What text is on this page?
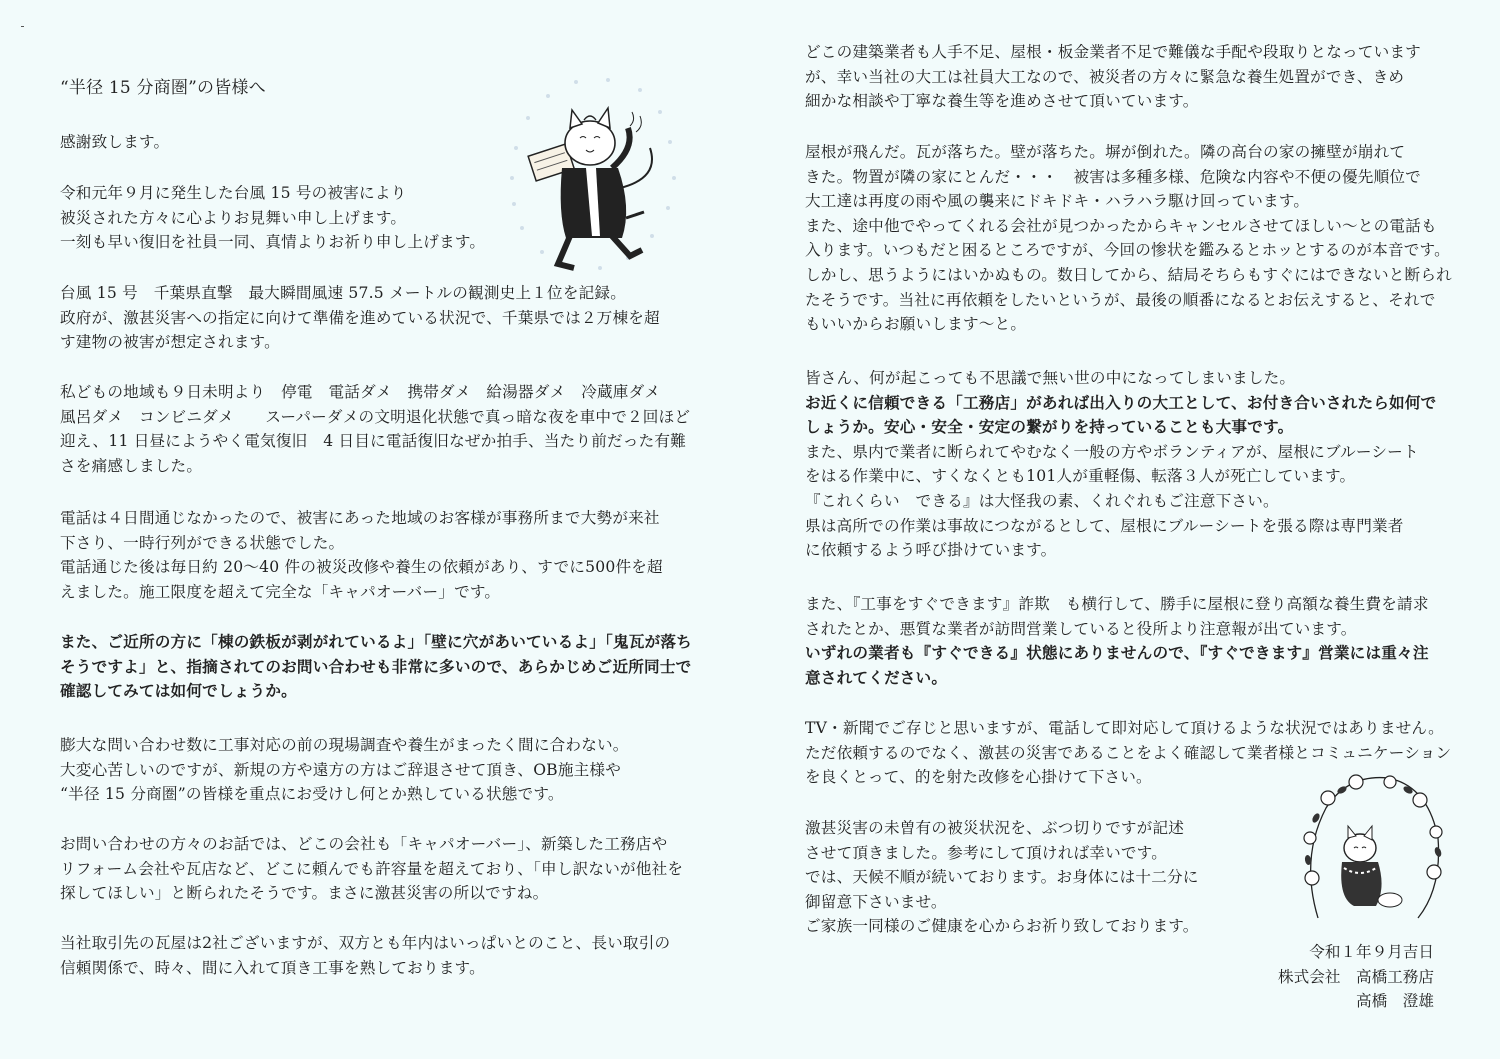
“半径 15 分商圏”の皆様へ
感謝致します。
令和元年９月に発生した台風 15 号の被害により
被災された方々に心よりお見舞い申し上げます。
一刻も早い復旧を社員一同、真情よりお祈り申し上げます。
台風 15 号　千葉県直撃　最大瞬間風速 57.5 メートルの観測史上１位を記録。
政府が、激甚災害への指定に向けて準備を進めている状況で、千葉県では２万棟を超
す建物の被害が想定されます。
私どもの地域も９日未明より　停電　電話ダメ　携帯ダメ　給湯器ダメ　冷蔵庫ダメ
風呂ダメ　コンビニダメ　　スーパーダメの文明退化状態で真っ暗な夜を車中で２回ほど
迎え、11 日昼にようやく電気復旧　4 日目に電話復旧なぜか拍手、当たり前だった有難
さを痛感しました。
電話は４日間通じなかったので、被害にあった地域のお客様が事務所まで大勢が来社
下さり、一時行列ができる状態でした。
電話通じた後は毎日約 20～40 件の被災改修や養生の依頼があり、すでに500件を超
えました。施工限度を超えて完全な「キャパオーバー」です。
また、ご近所の方に「棟の鉄板が剥がれているよ」「壁に穴があいているよ」「鬼瓦が落ち
そうですよ」と、指摘されてのお問い合わせも非常に多いので、あらかじめご近所同士で
確認してみては如何でしょうか。
膨大な問い合わせ数に工事対応の前の現場調査や養生がまったく間に合わない。
大変心苦しいのですが、新規の方や遠方の方はご辞退させて頂き、OB施主様や
“半径 15 分商圏”の皆様を重点にお受けし何とか熟している状態です。
お問い合わせの方々のお話では、どこの会社も「キャパオーバー」、新築した工務店や
リフォーム会社や瓦店など、どこに頼んでも許容量を超えており、「申し訳ないが他社を
探してほしい」と断られたそうです。まさに激甚災害の所以ですね。
当社取引先の瓦屋は2社ございますが、双方とも年内はいっぱいとのこと、長い取引の
信頼関係で、時々、間に入れて頂き工事を熟しております。
どこの建築業者も人手不足、屋根・板金業者不足で難儀な手配や段取りとなっています
が、幸い当社の大工は社員大工なので、被災者の方々に緊急な養生処置ができ、きめ
細かな相談や丁寧な養生等を進めさせて頂いています。
屋根が飛んだ。瓦が落ちた。壁が落ちた。塀が倒れた。隣の高台の家の擁壁が崩れて
きた。物置が隣の家にとんだ・・・　被害は多種多様、危険な内容や不便の優先順位で
大工達は再度の雨や風の襲来にドキドキ・ハラハラ駆け回っています。
また、途中他でやってくれる会社が見つかったからキャンセルさせてほしい～との電話も
入ります。いつもだと困るところですが、今回の惨状を鑑みるとホッとするのが本音です。
しかし、思うようにはいかぬもの。数日してから、結局そちらもすぐにはできないと断られ
たそうです。当社に再依頼をしたいというが、最後の順番になるとお伝えすると、それで
もいいからお願いします～と。
皆さん、何が起こっても不思議で無い世の中になってしまいました。
お近くに信頼できる「工務店」があれば出入りの大工として、お付き合いされたら如何で
しょうか。安心・安全・安定の繋がりを持っていることも大事です。
また、県内で業者に断られてやむなく一般の方やボランティアが、屋根にブルーシート
をはる作業中に、すくなくとも101人が重軽傷、転落３人が死亡しています。
『これくらい　できる』は大怪我の素、くれぐれもご注意下さい。
県は高所での作業は事故につながるとして、屋根にブルーシートを張る際は専門業者
に依頼するよう呼び掛けています。
また、『工事をすぐできます』詐欺　も横行して、勝手に屋根に登り高額な養生費を請求
されたとか、悪質な業者が訪問営業していると役所より注意報が出ています。
いずれの業者も『すぐできる』状態にありませんので、『すぐできます』営業には重々注
意されてください。
TV・新聞でご存じと思いますが、電話して即対応して頂けるような状況ではありません。
ただ依頼するのでなく、激甚の災害であることをよく確認して業者様とコミュニケーション
を良くとって、的を射た改修を心掛けて下さい。
激甚災害の未曽有の被災状況を、ぶつ切りですが記述
させて頂きました。参考にして頂ければ幸いです。
では、天候不順が続いております。お身体には十二分に
御留意下さいませ。
ご家族一同様のご健康を心からお祈り致しております。
令和１年９月吉日
株式会社　高橋工務店
高橋　澄雄
